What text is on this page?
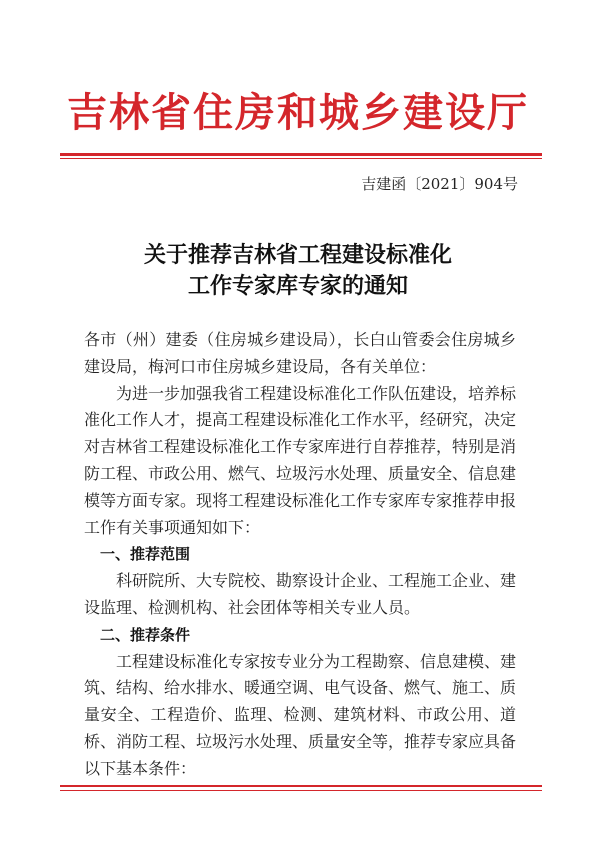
吉林省住房和城乡建设厅
吉建函〔2021〕904号
关于推荐吉林省工程建设标准化
工作专家库专家的通知

各市（州）建委（住房城乡建设局），长白山管委会住房城乡建设局，梅河口市住房城乡建设局，各有关单位：

为进一步加强我省工程建设标准化工作队伍建设，培养标准化工作人才，提高工程建设标准化工作水平，经研究，决定对吉林省工程建设标准化工作专家库进行自荐推荐，特别是消防工程、市政公用、燃气、垃圾污水处理、质量安全、信息建模等方面专家。现将工程建设标准化工作专家库专家推荐申报工作有关事项通知如下：

一、推荐范围

科研院所、大专院校、勘察设计企业、工程施工企业、建设监理、检测机构、社会团体等相关专业人员。

二、推荐条件

工程建设标准化专家按专业分为工程勘察、信息建模、建筑、结构、给水排水、暖通空调、电气设备、燃气、施工、质量安全、工程造价、监理、检测、建筑材料、市政公用、道桥、消防工程、垃圾污水处理、质量安全等，推荐专家应具备以下基本条件：
